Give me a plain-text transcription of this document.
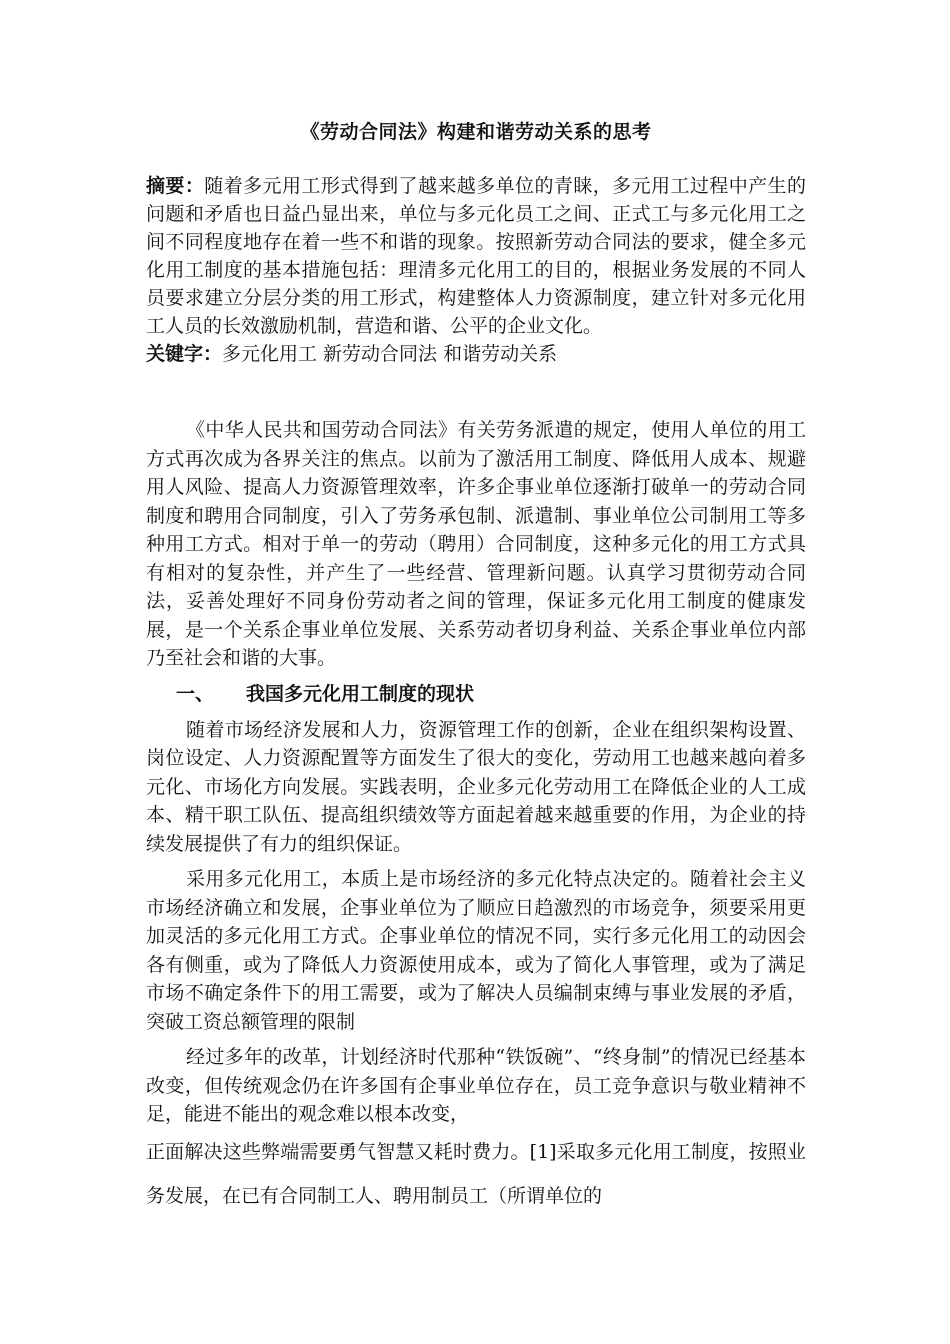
《劳动合同法》构建和谐劳动关系的思考

摘要：随着多元用工形式得到了越来越多单位的青睐，多元用工过程中产生的问题和矛盾也日益凸显出来，单位与多元化员工之间、正式工与多元化用工之间不同程度地存在着一些不和谐的现象。按照新劳动合同法的要求，健全多元化用工制度的基本措施包括：理清多元化用工的目的，根据业务发展的不同人员要求建立分层分类的用工形式，构建整体人力资源制度，建立针对多元化用工人员的长效激励机制，营造和谐、公平的企业文化。

关键字：多元化用工 新劳动合同法 和谐劳动关系

《中华人民共和国劳动合同法》有关劳务派遣的规定，使用人单位的用工方式再次成为各界关注的焦点。以前为了激活用工制度、降低用人成本、规避用人风险、提高人力资源管理效率，许多企事业单位逐渐打破单一的劳动合同制度和聘用合同制度，引入了劳务承包制、派遣制、事业单位公司制用工等多种用工方式。相对于单一的劳动（聘用）合同制度，这种多元化的用工方式具有相对的复杂性，并产生了一些经营、管理新问题。认真学习贯彻劳动合同法，妥善处理好不同身份劳动者之间的管理，保证多元化用工制度的健康发展，是一个关系企事业单位发展、关系劳动者切身利益、关系企事业单位内部乃至社会和谐的大事。

一、 我国多元化用工制度的现状

随着市场经济发展和人力，资源管理工作的创新，企业在组织架构设置、岗位设定、人力资源配置等方面发生了很大的变化，劳动用工也越来越向着多元化、市场化方向发展。实践表明，企业多元化劳动用工在降低企业的人工成本、精干职工队伍、提高组织绩效等方面起着越来越重要的作用，为企业的持续发展提供了有力的组织保证。

采用多元化用工，本质上是市场经济的多元化特点决定的。随着社会主义市场经济确立和发展，企事业单位为了顺应日趋激烈的市场竞争，须要采用更加灵活的多元化用工方式。企事业单位的情况不同，实行多元化用工的动因会各有侧重，或为了降低人力资源使用成本，或为了简化人事管理，或为了满足市场不确定条件下的用工需要，或为了解决人员编制束缚与事业发展的矛盾，突破工资总额管理的限制

经过多年的改革，计划经济时代那种“铁饭碗”、“终身制”的情况已经基本改变，但传统观念仍在许多国有企事业单位存在，员工竞争意识与敬业精神不足，能进不能出的观念难以根本改变，

正面解决这些弊端需要勇气智慧又耗时费力。[1]采取多元化用工制度，按照业务发展，在已有合同制工人、聘用制员工（所谓单位的
